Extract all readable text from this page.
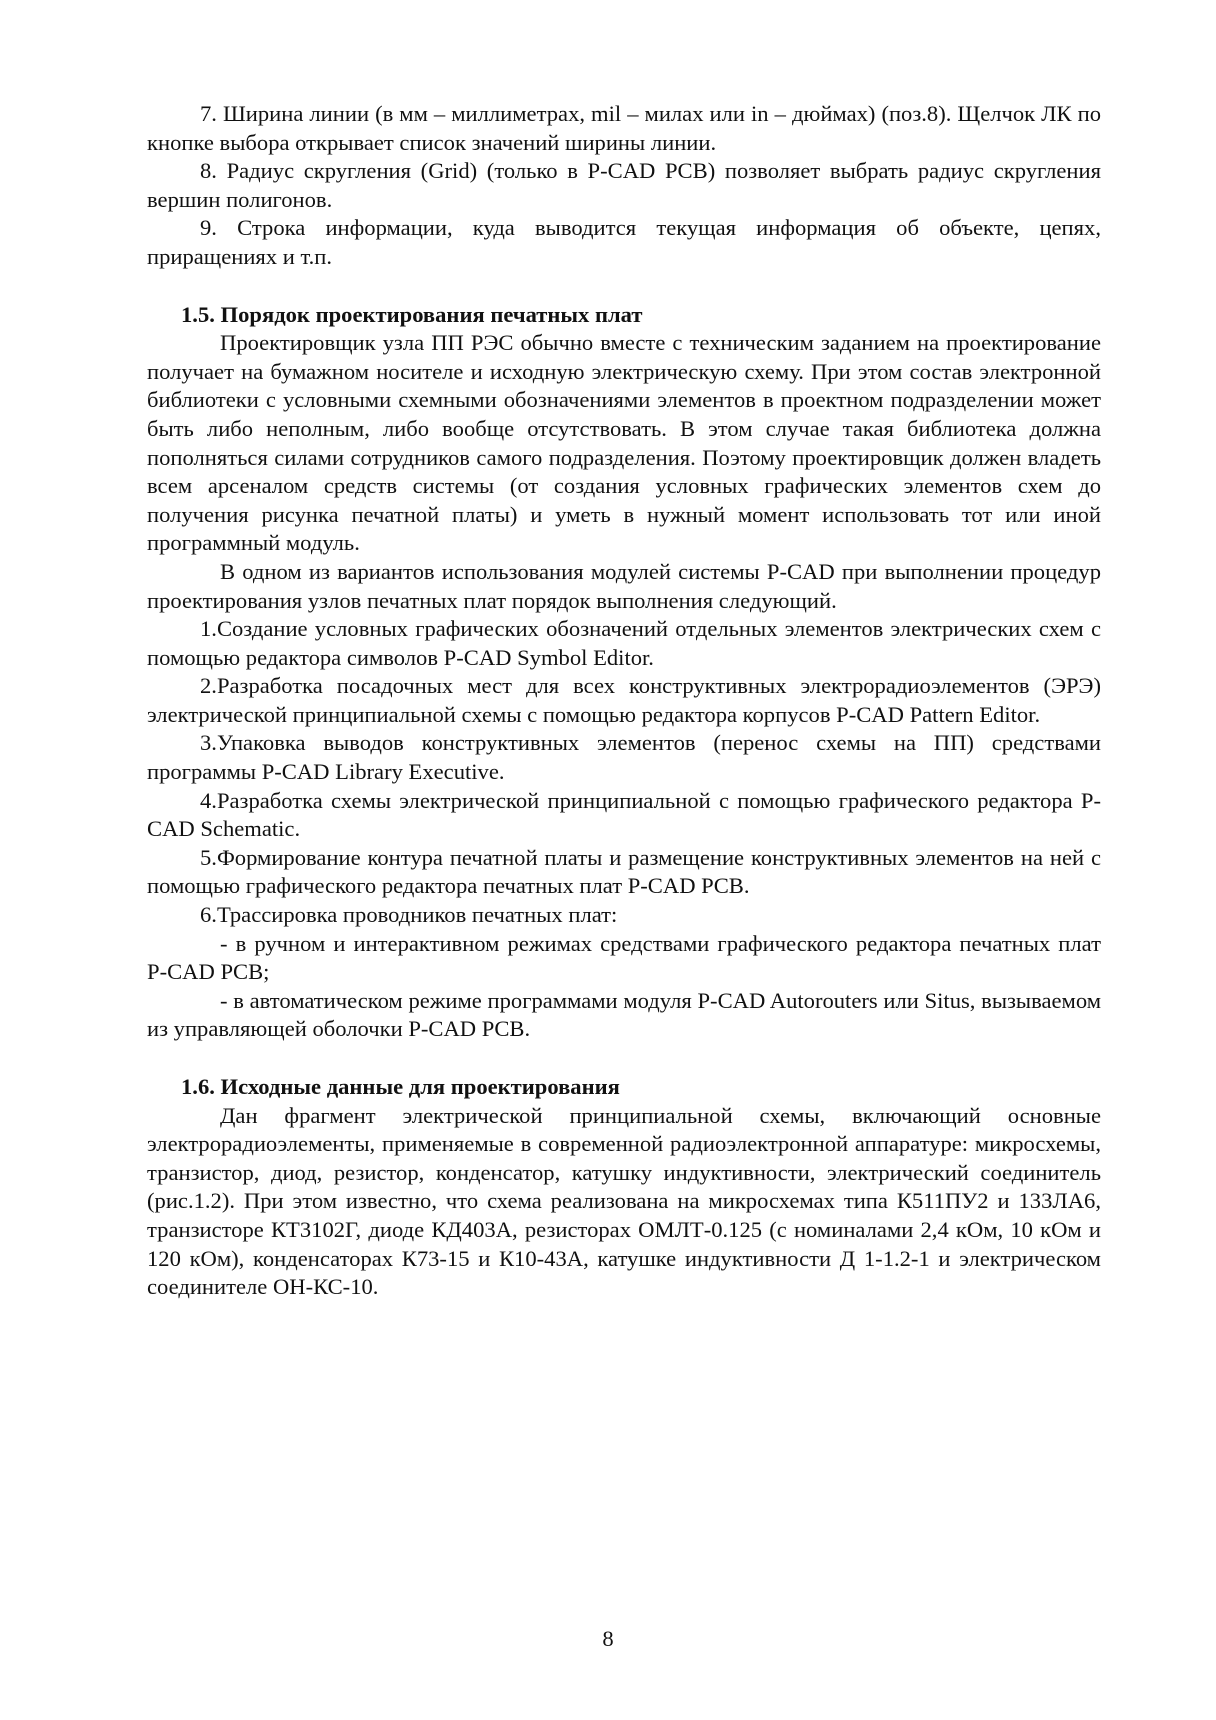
7. Ширина линии (в мм – миллиметрах, mil – милах или in – дюймах) (поз.8). Щелчок ЛК по кнопке выбора открывает список значений ширины линии.

8. Радиус скругления (Grid) (только в P-CAD PCB) позволяет выбрать радиус скругления вершин полигонов.

9. Строка информации, куда выводится текущая информация об объекте, цепях, приращениях и т.п.

1.5. Порядок проектирования печатных плат

Проектировщик узла ПП РЭС обычно вместе с техническим заданием на проектирование получает на бумажном носителе и исходную электрическую схему. При этом состав электронной библиотеки с условными схемными обозначениями элементов в проектном подразделении может быть либо неполным, либо вообще отсутствовать. В этом случае такая библиотека должна пополняться силами сотрудников самого подразделения. Поэтому проектировщик должен владеть всем арсеналом средств системы (от создания условных графических элементов схем до получения рисунка печатной платы) и уметь в нужный момент использовать тот или иной программный модуль.

В одном из вариантов использования модулей системы P-CAD при выполнении процедур проектирования узлов печатных плат порядок выполнения следующий.

1.Создание условных графических обозначений отдельных элементов электрических схем с помощью редактора символов P-CAD Symbol Editor.

2.Разработка посадочных мест для всех конструктивных электрорадиоэлементов (ЭРЭ) электрической принципиальной схемы с помощью редактора корпусов P-CAD Pattern Editor.

3.Упаковка выводов конструктивных элементов (перенос схемы на ПП) средствами программы P-CAD Library Executive.

4.Разработка схемы электрической принципиальной с помощью графического редактора P-CAD Schematic.

5.Формирование контура печатной платы и размещение конструктивных элементов на ней с помощью графического редактора печатных плат P-CAD PCB.

6.Трассировка проводников печатных плат:

- в ручном и интерактивном режимах средствами графического редактора печатных плат P-CAD PCB;

- в автоматическом режиме программами модуля P-CAD Autorouters или Situs, вызываемом из управляющей оболочки P-CAD PCB.

1.6. Исходные данные для проектирования

Дан фрагмент электрической принципиальной схемы, включающий основные электрорадиоэлементы, применяемые в современной радиоэлектронной аппаратуре: микросхемы, транзистор, диод, резистор, конденсатор, катушку индуктивности, электрический соединитель (рис.1.2). При этом известно, что схема реализована на микросхемах типа К511ПУ2 и 133ЛА6, транзисторе КТ3102Г, диоде КД403А, резисторах ОМЛТ-0.125 (с номиналами 2,4 кОм, 10 кОм и 120 кОм), конденсаторах К73-15 и К10-43А, катушке индуктивности Д 1-1.2-1 и электрическом соединителе ОН-КС-10.

8
